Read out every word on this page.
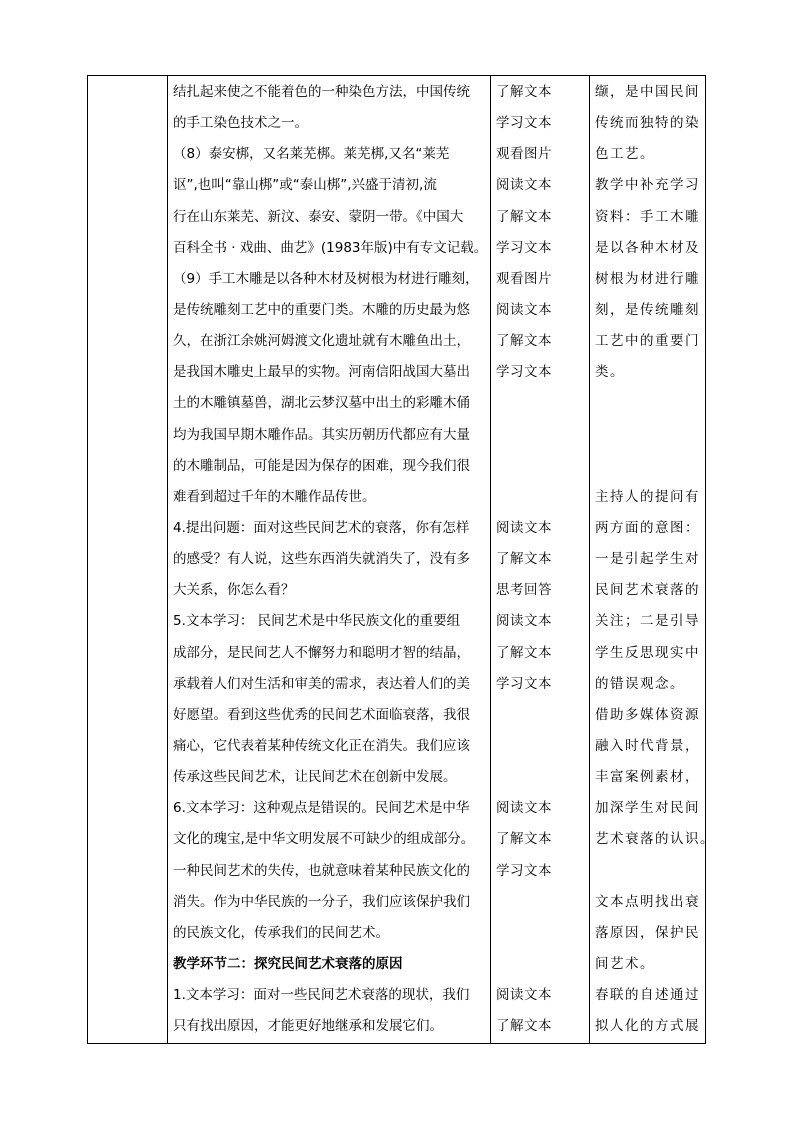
结扎起来使之不能着色的一种染色方法，中国传统
的手工染色技术之一。
（8）泰安梆，又名莱芜梆。莱芜梆,又名“莱芜
讴”,也叫“靠山梆”或“泰山梆”,兴盛于清初,流
行在山东莱芜、新汶、泰安、蒙阴一带。《中国大
百科全书 · 戏曲、曲艺》(1983年版)中有专文记载。
（9）手工木雕是以各种木材及树根为材进行雕刻，
是传统雕刻工艺中的重要门类。木雕的历史最为悠
久，在浙江余姚河姆渡文化遗址就有木雕鱼出土，
是我国木雕史上最早的实物。河南信阳战国大墓出
土的木雕镇墓兽，湖北云梦汉墓中出土的彩雕木俑
均为我国早期木雕作品。其实历朝历代都应有大量
的木雕制品，可能是因为保存的困难，现今我们很
难看到超过千年的木雕作品传世。
4.提出问题：面对这些民间艺术的衰落，你有怎样
的感受？有人说，这些东西消失就消失了，没有多
大关系，你怎么看？
5.文本学习： 民间艺术是中华民族文化的重要组
成部分，是民间艺人不懈努力和聪明才智的结晶，
承载着人们对生活和审美的需求，表达着人们的美
好愿望。看到这些优秀的民间艺术面临衰落，我很
痛心，它代表着某种传统文化正在消失。我们应该
传承这些民间艺术，让民间艺术在创新中发展。
6.文本学习：这种观点是错误的。民间艺术是中华
文化的瑰宝,是中华文明发展不可缺少的组成部分。
一种民间艺术的失传，也就意味着某种民族文化的
消失。作为中华民族的一分子，我们应该保护我们
的民族文化，传承我们的民间艺术。
教学环节二：探究民间艺术衰落的原因
1.文本学习：面对一些民间艺术衰落的现状，我们
只有找出原因，才能更好地继承和发展它们。
了解文本
学习文本
观看图片
阅读文本
了解文本
学习文本
观看图片
阅读文本
了解文本
学习文本
阅读文本
了解文本
思考回答
阅读文本
了解文本
学习文本
阅读文本
了解文本
学习文本
阅读文本
了解文本
缬，是中国民间
传统而独特的染
色工艺。
教学中补充学习
资料：手工木雕
是以各种木材及
树根为材进行雕
刻，是传统雕刻
工艺中的重要门
类。
主持人的提问有
两方面的意图：
一是引起学生对
民间艺术衰落的
关注；二是引导
学生反思现实中
的错误观念。
借助多媒体资源
融入时代背景，
丰富案例素材，
加深学生对民间
艺术衰落的认识。
文本点明找出衰
落原因，保护民
间艺术。
春联的自述通过
拟人化的方式展
